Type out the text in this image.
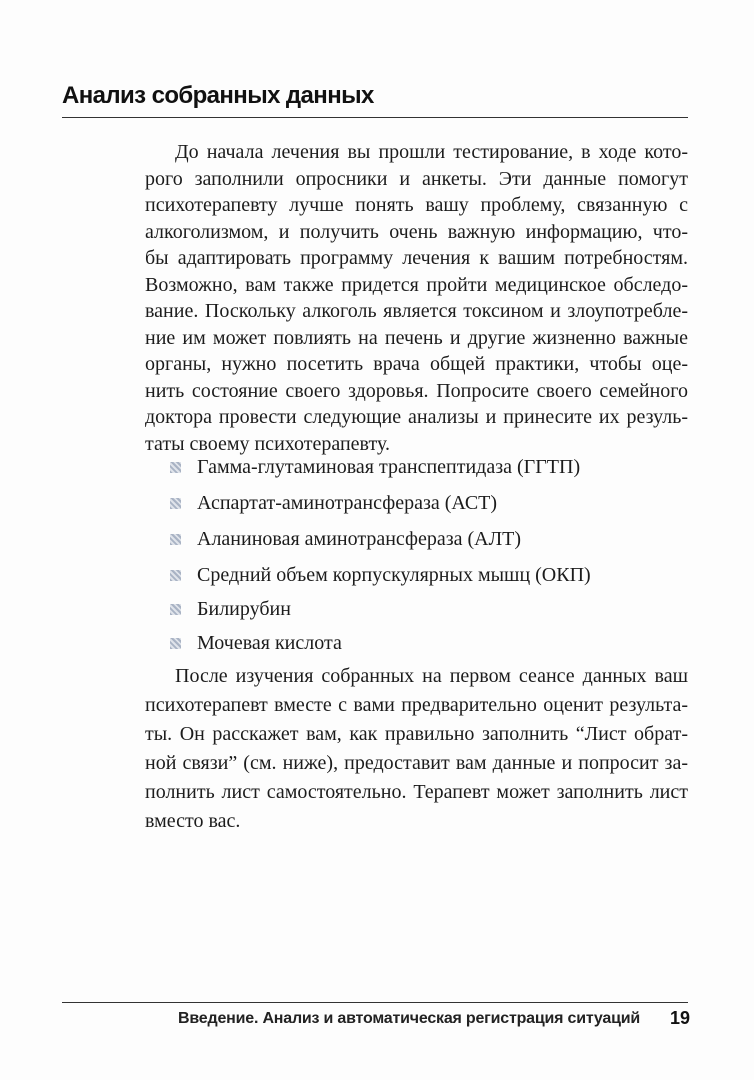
Анализ собранных данных
До начала лечения вы прошли тестирование, в ходе кото-
рого заполнили опросники и анкеты. Эти данные помогут
психотерапевту лучше понять вашу проблему, связанную с
алкоголизмом, и получить очень важную информацию, что-
бы адаптировать программу лечения к вашим потребностям.
Возможно, вам также придется пройти медицинское обследо-
вание. Поскольку алкоголь является токсином и злоупотребле-
ние им может повлиять на печень и другие жизненно важные
органы, нужно посетить врача общей практики, чтобы оце-
нить состояние своего здоровья. Попросите своего семейного
доктора провести следующие анализы и принесите их резуль-
таты своему психотерапевту.
Гамма-глутаминовая транспептидаза (ГГТП)
Аспартат-аминотрансфераза (АСТ)
Аланиновая аминотрансфераза (АЛТ)
Средний объем корпускулярных мышц (ОКП)
Билирубин
Мочевая кислота
После изучения собранных на первом сеансе данных ваш
психотерапевт вместе с вами предварительно оценит результа-
ты. Он расскажет вам, как правильно заполнить “Лист обрат-
ной связи” (см. ниже), предоставит вам данные и попросит за-
полнить лист самостоятельно. Терапевт может заполнить лист
вместо вас.
Введение. Анализ и автоматическая регистрация ситуаций 19
